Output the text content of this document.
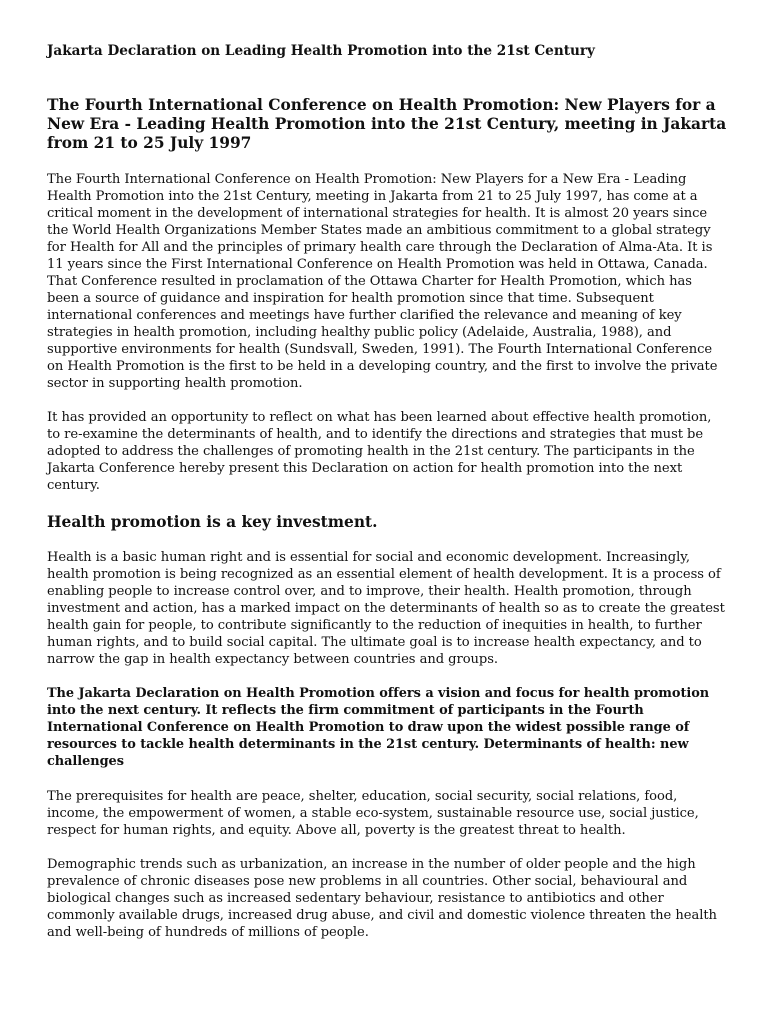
Jakarta Declaration on Leading Health Promotion into the 21st Century
The Fourth International Conference on Health Promotion: New Players for a New Era - Leading Health Promotion into the 21st Century, meeting in Jakarta from 21 to 25 July 1997

The Fourth International Conference on Health Promotion: New Players for a New Era - Leading Health Promotion into the 21st Century, meeting in Jakarta from 21 to 25 July 1997, has come at a critical moment in the development of international strategies for health. It is almost 20 years since the World Health Organizations Member States made an ambitious commitment to a global strategy for Health for All and the principles of primary health care through the Declaration of Alma-Ata. It is 11 years since the First International Conference on Health Promotion was held in Ottawa, Canada. That Conference resulted in proclamation of the Ottawa Charter for Health Promotion, which has been a source of guidance and inspiration for health promotion since that time. Subsequent international conferences and meetings have further clarified the relevance and meaning of key strategies in health promotion, including healthy public policy (Adelaide, Australia, 1988), and supportive environments for health (Sundsvall, Sweden, 1991). The Fourth International Conference on Health Promotion is the first to be held in a developing country, and the first to involve the private sector in supporting health promotion.

It has provided an opportunity to reflect on what has been learned about effective health promotion, to re-examine the determinants of health, and to identify the directions and strategies that must be adopted to address the challenges of promoting health in the 21st century. The participants in the Jakarta Conference hereby present this Declaration on action for health promotion into the next century.

Health promotion is a key investment.

Health is a basic human right and is essential for social and economic development. Increasingly, health promotion is being recognized as an essential element of health development. It is a process of enabling people to increase control over, and to improve, their health. Health promotion, through investment and action, has a marked impact on the determinants of health so as to create the greatest health gain for people, to contribute significantly to the reduction of inequities in health, to further human rights, and to build social capital. The ultimate goal is to increase health expectancy, and to narrow the gap in health expectancy between countries and groups.

The Jakarta Declaration on Health Promotion offers a vision and focus for health promotion into the next century. It reflects the firm commitment of participants in the Fourth International Conference on Health Promotion to draw upon the widest possible range of resources to tackle health determinants in the 21st century. Determinants of health: new challenges

The prerequisites for health are peace, shelter, education, social security, social relations, food, income, the empowerment of women, a stable eco-system, sustainable resource use, social justice, respect for human rights, and equity. Above all, poverty is the greatest threat to health.

Demographic trends such as urbanization, an increase in the number of older people and the high prevalence of chronic diseases pose new problems in all countries. Other social, behavioural and biological changes such as increased sedentary behaviour, resistance to antibiotics and other commonly available drugs, increased drug abuse, and civil and domestic violence threaten the health and well-being of hundreds of millions of people.
